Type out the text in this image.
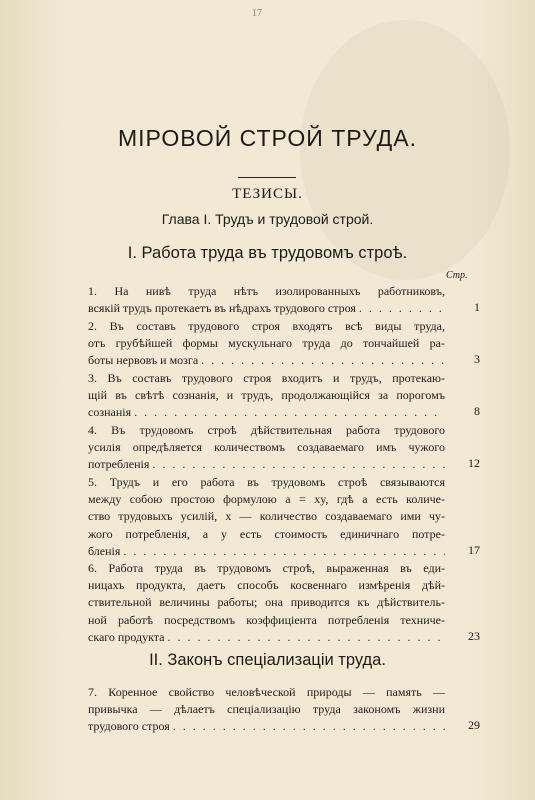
17
МІРОВОЙ СТРОЙ ТРУДА.
ТЕЗИСЫ.
Глава I. Трудъ и трудовой строй.
I. Работа труда въ трудовомъ строѣ.
Стр.
1. На нивѣ труда нѣтъ изолированныхъ работниковъ,
всякій трудъ протекаетъ въ нѣдрахъ трудового строя . . .	1
2. Въ составъ трудового строя входятъ всѣ виды труда,
отъ грубѣйшей формы мускульнаго труда до тончайшей ра-
боты нервовъ и мозга . . .	3
3. Въ составъ трудового строя входитъ и трудъ, протекаю-
щій въ свѣтѣ сознанія, и трудъ, продолжающійся за порогомъ
сознанія . . .	8
4. Въ трудовомъ строѣ дѣйствительная работа трудового
усилія опредѣляется количествомъ создаваемаго имъ чужого
потребленія . . .	12
5. Трудъ и его работа въ трудовомъ строѣ связываются
между собою простою формулою a = xy, гдѣ a есть количе-
ство трудовыхъ усилій, x — количество создаваемаго ими чу-
жого потребленія, а y есть стоимость единичнаго потре-
бленія . . .	17
6. Работа труда въ трудовомъ строѣ, выраженная въ еди-
ницахъ продукта, даетъ способъ косвеннаго измѣренія дѣй-
ствительной величины работы; она приводится къ дѣйствитель-
ной работѣ посредствомъ коэффиціента потребленія техниче-
скаго продукта . . .	23
II. Законъ спеціализаціи труда.
7. Коренное свойство человѣческой природы — память —
привычка — дѣлаетъ спеціализацію труда закономъ жизни
трудового строя . . .	29
